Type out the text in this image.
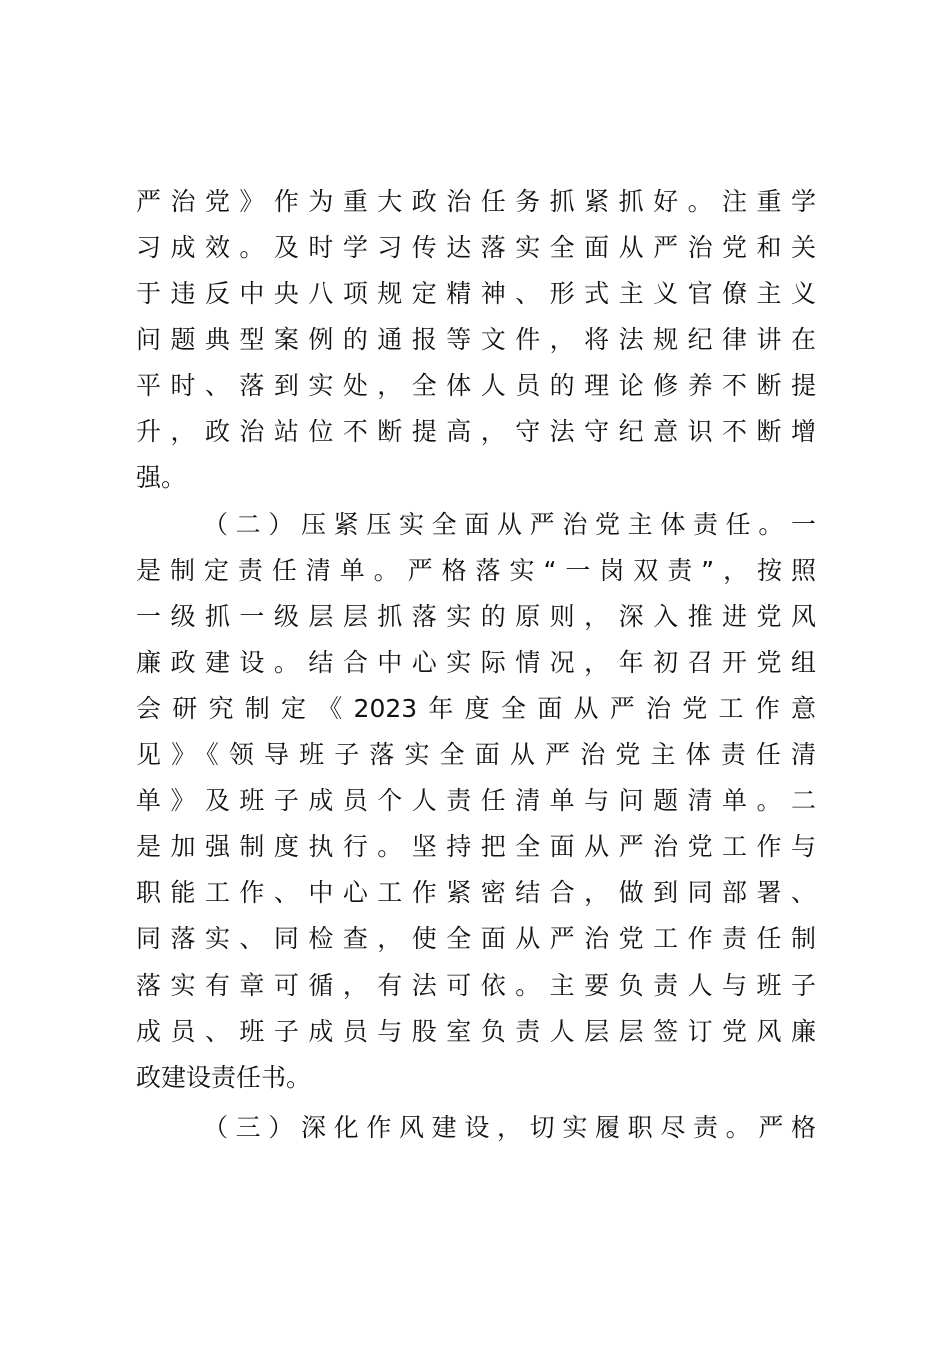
严治党》作为重大政治任务抓紧抓好。注重学
习成效。及时学习传达落实全面从严治党和关
于违反中央八项规定精神、形式主义官僚主义
问题典型案例的通报等文件，将法规纪律讲在
平时、落到实处，全体人员的理论修养不断提
升，政治站位不断提高，守法守纪意识不断增
强。
（二）压紧压实全面从严治党主体责任。一
是制定责任清单。严格落实“一岗双责”，按照
一级抓一级层层抓落实的原则，深入推进党风
廉政建设。结合中心实际情况，年初召开党组
会研究制定《2023年度全面从严治党工作意
见》《领导班子落实全面从严治党主体责任清
单》及班子成员个人责任清单与问题清单。二
是加强制度执行。坚持把全面从严治党工作与
职能工作、中心工作紧密结合，做到同部署、
同落实、同检查，使全面从严治党工作责任制
落实有章可循，有法可依。主要负责人与班子
成员、班子成员与股室负责人层层签订党风廉
政建设责任书。
（三）深化作风建设，切实履职尽责。严格
